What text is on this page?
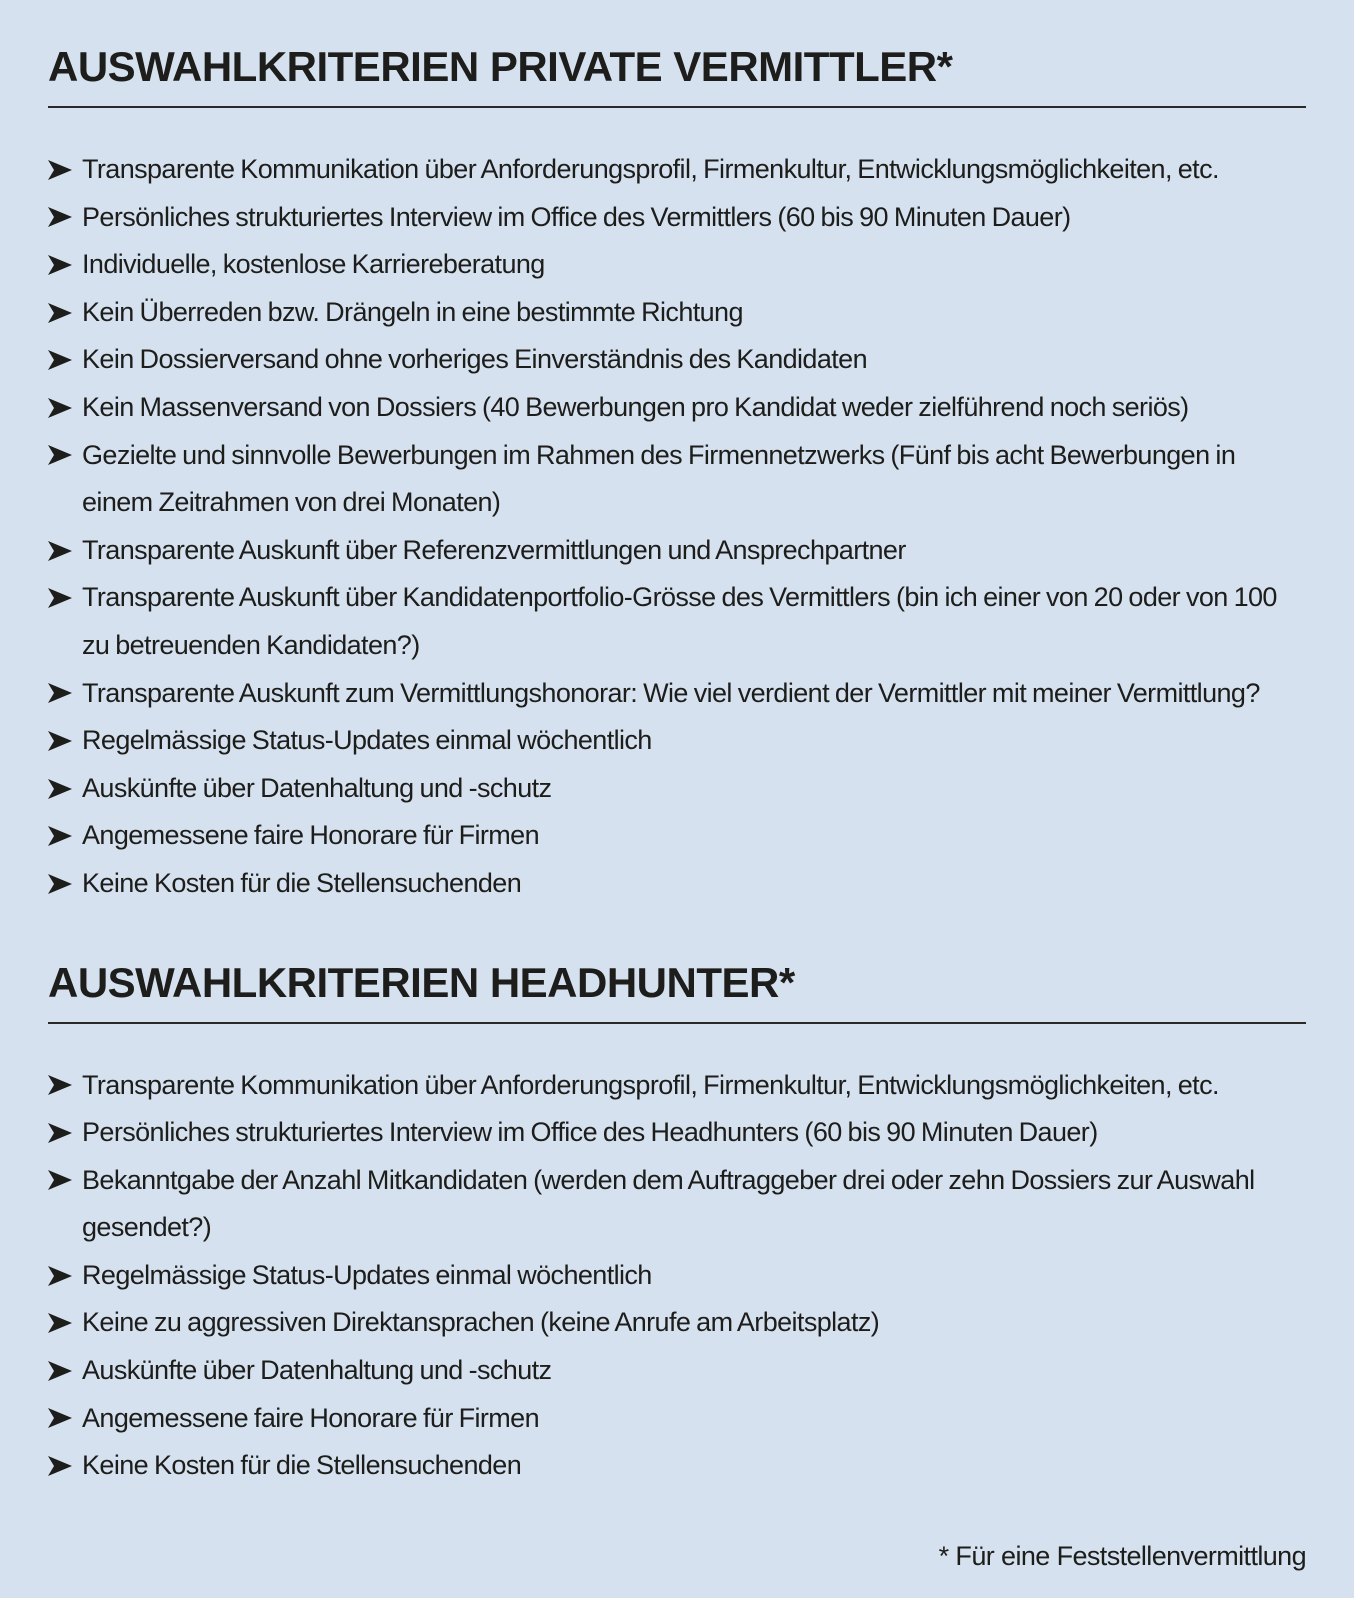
AUSWAHLKRITERIEN PRIVATE VERMITTLER*
Transparente Kommunikation über Anforderungsprofil, Firmenkultur, Entwicklungsmöglichkeiten, etc.
Persönliches strukturiertes Interview im Office des Vermittlers (60 bis 90 Minuten Dauer)
Individuelle, kostenlose Karriereberatung
Kein Überreden bzw. Drängeln in eine bestimmte Richtung
Kein Dossierversand ohne vorheriges Einverständnis des Kandidaten
Kein Massenversand von Dossiers (40 Bewerbungen pro Kandidat weder zielführend noch seriös)
Gezielte und sinnvolle Bewerbungen im Rahmen des Firmennetzwerks (Fünf bis acht Bewerbungen in einem Zeitrahmen von drei Monaten)
Transparente Auskunft über Referenzvermittlungen und Ansprechpartner
Transparente Auskunft über Kandidatenportfolio-Grösse des Vermittlers (bin ich einer von 20 oder von 100 zu betreuenden Kandidaten?)
Transparente Auskunft zum Vermittlungshonorar: Wie viel verdient der Vermittler mit meiner Vermittlung?
Regelmässige Status-Updates einmal wöchentlich
Auskünfte über Datenhaltung und -schutz
Angemessene faire Honorare für Firmen
Keine Kosten für die Stellensuchenden
AUSWAHLKRITERIEN HEADHUNTER*
Transparente Kommunikation über Anforderungsprofil, Firmenkultur, Entwicklungsmöglichkeiten, etc.
Persönliches strukturiertes Interview im Office des Headhunters (60 bis 90 Minuten Dauer)
Bekanntgabe der Anzahl Mitkandidaten (werden dem Auftraggeber drei oder zehn Dossiers zur Auswahl gesendet?)
Regelmässige Status-Updates einmal wöchentlich
Keine zu aggressiven Direktansprachen (keine Anrufe am Arbeitsplatz)
Auskünfte über Datenhaltung und -schutz
Angemessene faire Honorare für Firmen
Keine Kosten für die Stellensuchenden
* Für eine Feststellenvermittlung
